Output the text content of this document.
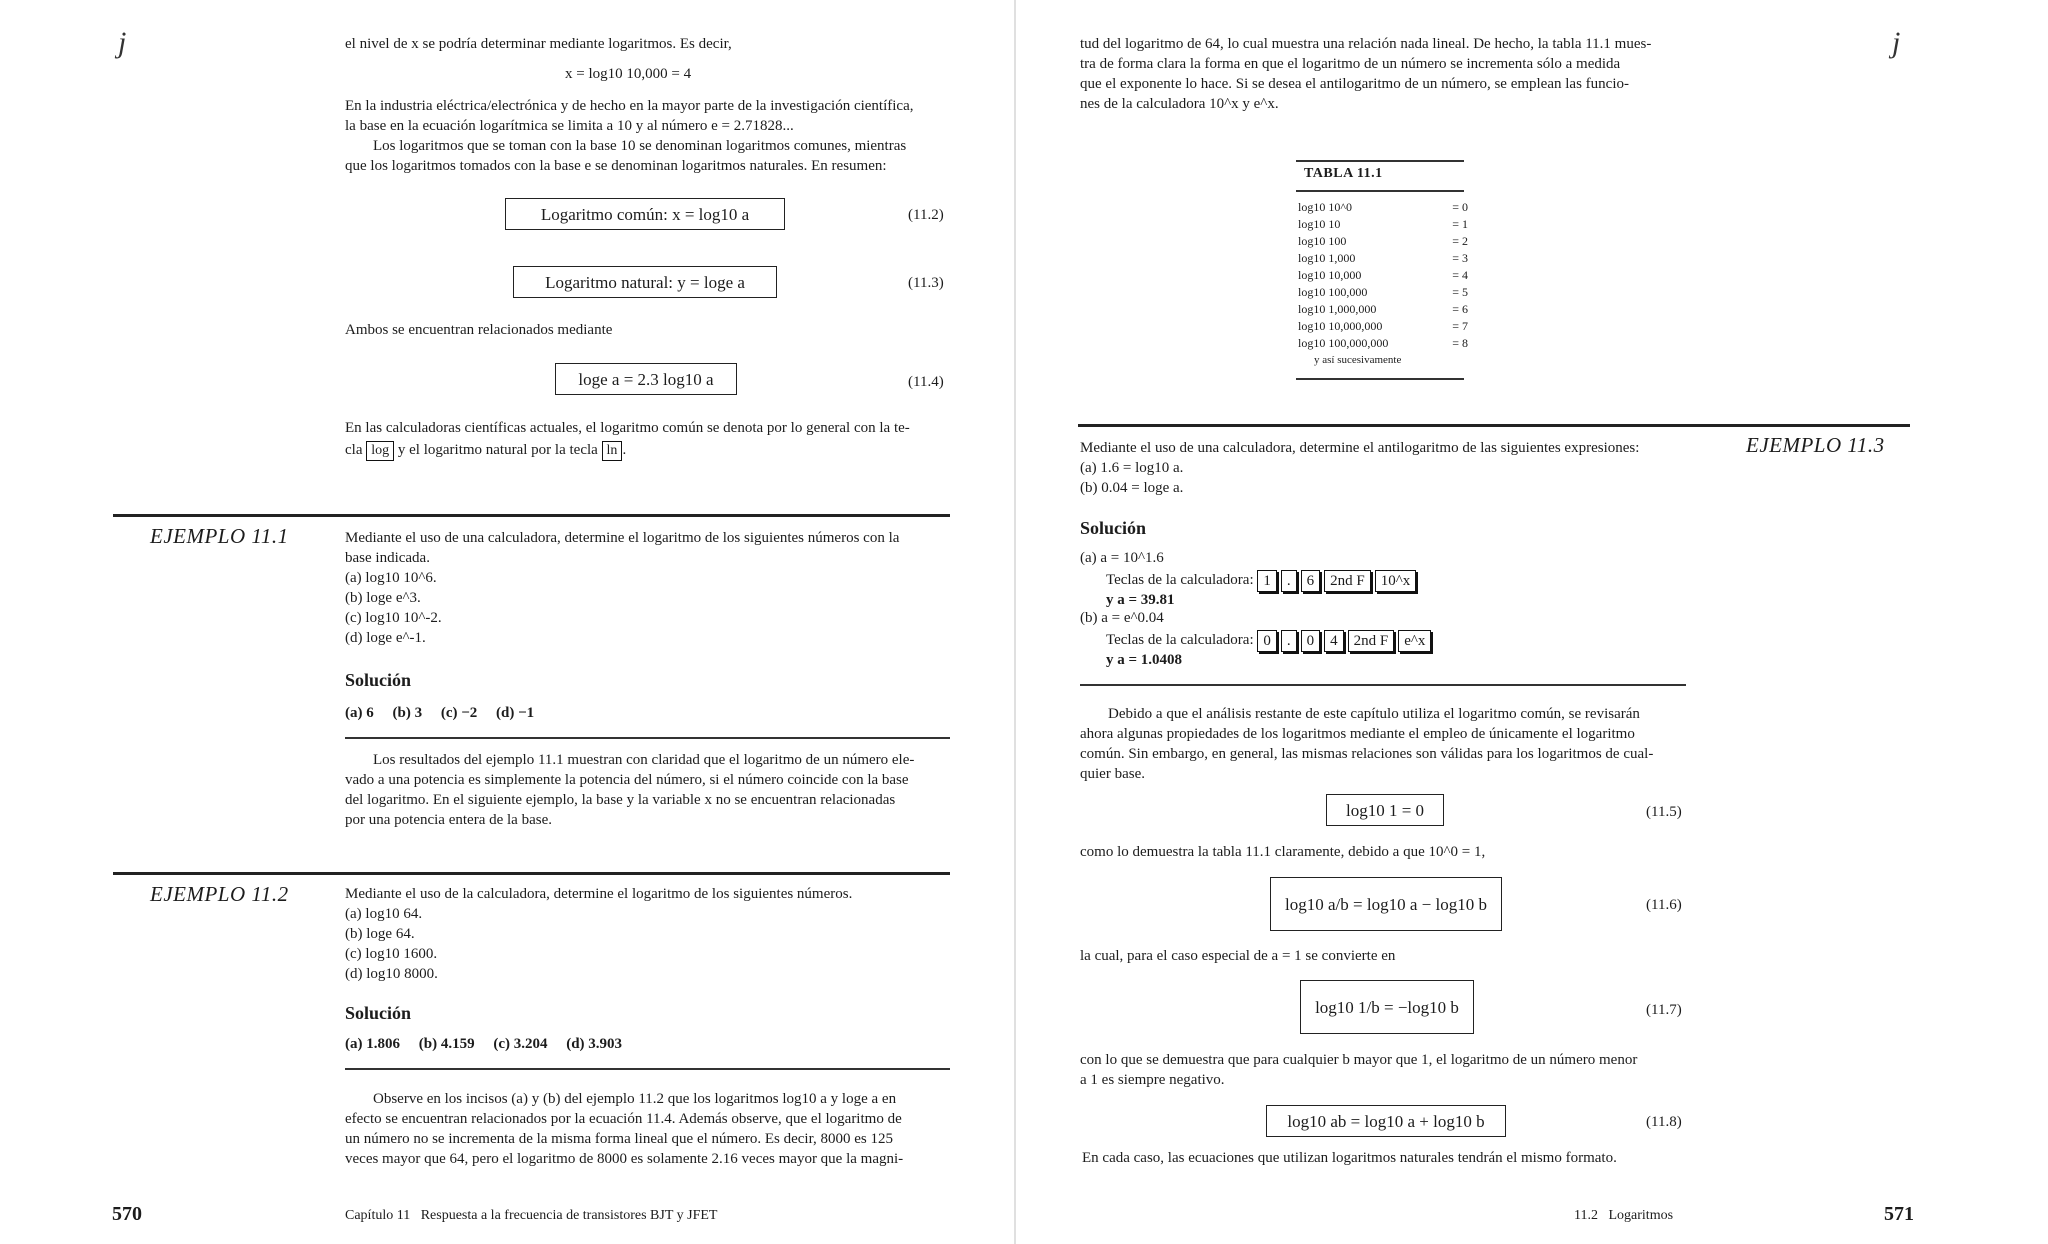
j	el nivel de x se podría determinar mediante logaritmos. Es decir,
x = log10 10,000 = 4
En la industria eléctrica/electrónica y de hecho en la mayor parte de la investigación científica,
la base en la ecuación logarítmica se limita a 10 y al número e = 2.71828...
Los logaritmos que se toman con la base 10 se denominan logaritmos comunes, mientras
que los logaritmos tomados con la base e se denominan logaritmos naturales. En resumen:
Logaritmo común: x = log10 a	(11.2)
Logaritmo natural: y = loge a	(11.3)
Ambos se encuentran relacionados mediante
loge a = 2.3 log10 a	(11.4)
En las calculadoras científicas actuales, el logaritmo común se denota por lo general con la te-
cla log y el logaritmo natural por la tecla ln .
EJEMPLO 11.1	Mediante el uso de una calculadora, determine el logaritmo de los siguientes números con la
base indicada.
(a) log10 10^6.
(b) loge e^3.
(c) log10 10^-2.
(d) loge e^-1.
Solución
(a) 6     (b) 3     (c) −2     (d) −1
Los resultados del ejemplo 11.1 muestran con claridad que el logaritmo de un número ele-
vado a una potencia es simplemente la potencia del número, si el número coincide con la base
del logaritmo. En el siguiente ejemplo, la base y la variable x no se encuentran relacionadas
por una potencia entera de la base.
EJEMPLO 11.2	Mediante el uso de la calculadora, determine el logaritmo de los siguientes números.
(a) log10 64.
(b) loge 64.
(c) log10 1600.
(d) log10 8000.
Solución
(a) 1.806     (b) 4.159     (c) 3.204     (d) 3.903
Observe en los incisos (a) y (b) del ejemplo 11.2 que los logaritmos log10 a y loge a en
efecto se encuentran relacionados por la ecuación 11.4. Además observe, que el logaritmo de
un número no se incrementa de la misma forma lineal que el número. Es decir, 8000 es 125
veces mayor que 64, pero el logaritmo de 8000 es solamente 2.16 veces mayor que la magni-
570	Capítulo 11   Respuesta a la frecuencia de transistores BJT y JFET
j
tud del logaritmo de 64, lo cual muestra una relación nada lineal. De hecho, la tabla 11.1 mues-
tra de forma clara la forma en que el logaritmo de un número se incrementa sólo a medida
que el exponente lo hace. Si se desea el antilogaritmo de un número, se emplean las funcio-
nes de la calculadora 10^x y e^x.
TABLA 11.1
log10 10^0	= 0
log10 10	= 1
log10 100	= 2
log10 1,000	= 3
log10 10,000	= 4
log10 100,000	= 5
log10 1,000,000	= 6
log10 10,000,000	= 7
log10 100,000,000	= 8
y así sucesivamente
EJEMPLO 11.3
Mediante el uso de una calculadora, determine el antilogaritmo de las siguientes expresiones:
(a) 1.6 = log10 a.
(b) 0.04 = loge a.
Solución
(a) a = 10^1.6
Teclas de la calculadora: 1 . 6 2nd F 10^x
y a = 39.81
(b) a = e^0.04
Teclas de la calculadora: 0 . 0 4 2nd F e^x
y a = 1.0408
Debido a que el análisis restante de este capítulo utiliza el logaritmo común, se revisarán
ahora algunas propiedades de los logaritmos mediante el empleo de únicamente el logaritmo
común. Sin embargo, en general, las mismas relaciones son válidas para los logaritmos de cual-
quier base.
log10 1 = 0	(11.5)
como lo demuestra la tabla 11.1 claramente, debido a que 10^0 = 1,
log10 a/b = log10 a − log10 b	(11.6)
la cual, para el caso especial de a = 1 se convierte en
log10 1/b = −log10 b	(11.7)
con lo que se demuestra que para cualquier b mayor que 1, el logaritmo de un número menor
a 1 es siempre negativo.
log10 ab = log10 a + log10 b	(11.8)
En cada caso, las ecuaciones que utilizan logaritmos naturales tendrán el mismo formato.
11.2   Logaritmos	571
